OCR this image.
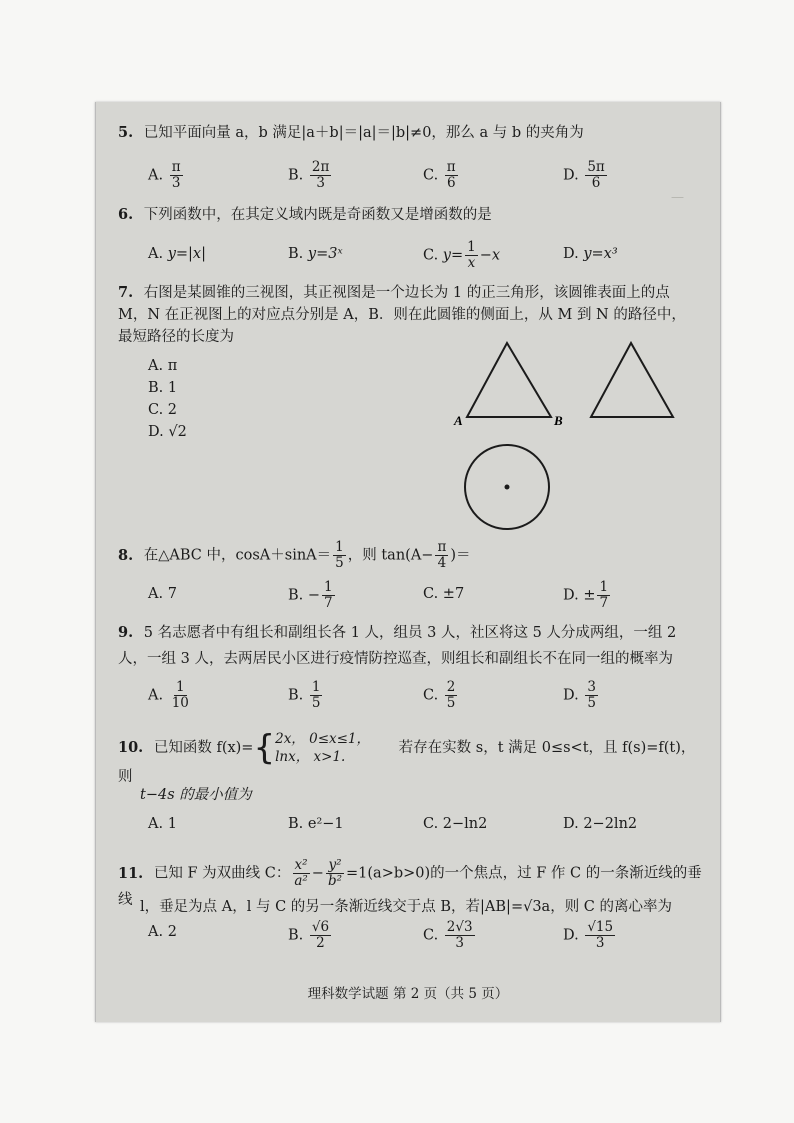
—
5. 已知平面向量 a，b 满足|a＋b|＝|a|＝|b|≠0，那么 a 与 b 的夹角为
A. $\frac{\pi}{3}$	B. $\frac{2\pi}{3}$	C. $\frac{\pi}{6}$	D. $\frac{5\pi}{6}$
6. 下列函数中，在其定义域内既是奇函数又是增函数的是
A. y=|x|	B. y=3ˣ	C. $y= \frac{1}{x} -x$	D. y=x³
7. 右图是某圆锥的三视图，其正视图是一个边长为 1 的正三角形，该圆锥表面上的点 M，N 在正视图上的对应点分别是 A，B．则在此圆锥的侧面上，从 M 到 N 的路径中，最短路径的长度为
A. π
B. 1
C. 2
D. √2
A	B
8. 在△ABC 中，$\cos A+\sin A= \frac{1}{5}$ ，则 $\tan(A- \frac{\pi}{4}$ )＝
A. 7	B. − $\frac{1}{7}$	C. ±7	D. ± $\frac{1}{7}$
9. 5 名志愿者中有组长和副组长各 1 人，组员 3 人，社区将这 5 人分成两组，一组 2 人，一组 3 人，去两居民小区进行疫情防控巡查，则组长和副组长不在同一组的概率为
A. $\frac{1}{10}$	B. $\frac{1}{5}$	C. $\frac{2}{5}$	D. $\frac{3}{5}$
10. 已知函数 f(x)={2x， 0≤x≤1，
lnx， x>1. 若存在实数 s，t 满足 0≤s<t，且 f(s)=f(t)，则
t−4s 的最小值为
A. 1	B. e²−1	C. 2−ln2	D. 2−2ln2
11. 已知 F 为双曲线 C： $\frac{\text{x²}}{\text{a²}} - \frac{\text{y²}}{\text{b²}} =1(a>b>0)$的一个焦点，过 F 作 C 的一条渐近线的垂线 l，垂足为点 A，l 与 C 的另一条渐近线交于点 B，若|AB|=√3a，则 C 的离心率为
A. 2	B. $\frac{√6}{2}$	C. $\frac{2√3}{3}$	D. $\frac{√15}{3}$
理科数学试题 第 2 页（共 5 页）
